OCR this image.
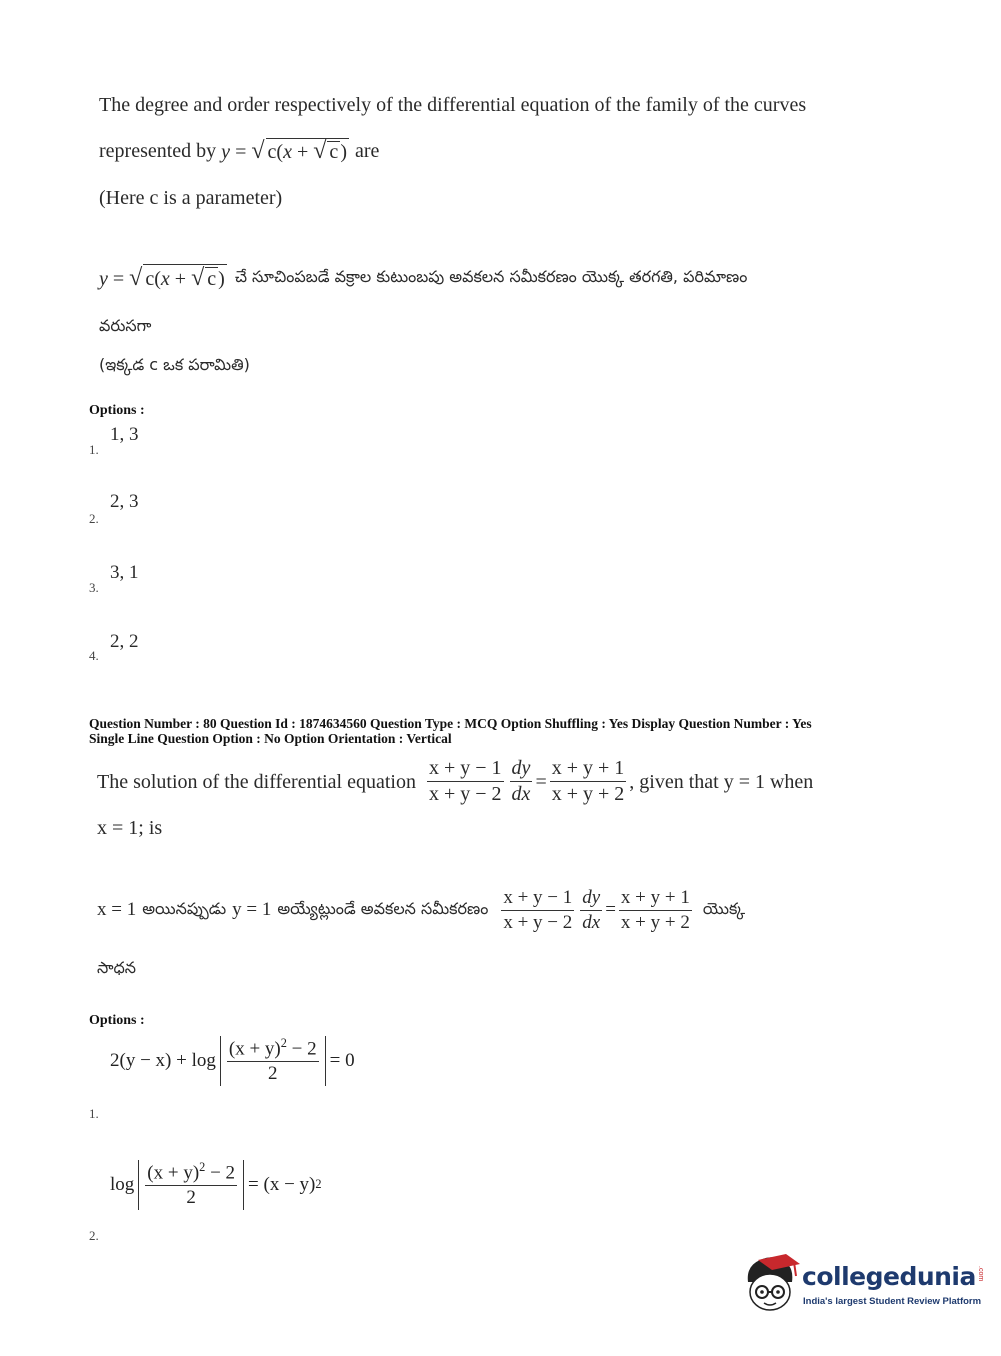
The degree and order respectively of the differential equation of the family of the curves
represented by y = √ c(x + √ c ) are
(Here c is a parameter)
y = √ c(x + √ c ) చే సూచింపబడే వక్రాల కుటుంబపు అవకలన సమీకరణం యొక్క తరగతి, పరిమాణం
వరుసగా
(ఇక్కడ c ఒక పరామితి)
Options :
1, 3
1.
2, 3
2.
3, 1
3.
2, 2
4.
Question Number : 80 Question Id : 1874634560 Question Type : MCQ Option Shuffling : Yes Display Question Number : Yes
Single Line Question Option : No Option Orientation : Vertical
The solution of the differential equation $\frac{x + y - 1}{x + y - 2} \frac{dy}{dx} = \frac{x + y + 1}{x + y + 2}$ , given that y = 1 when
x = 1; is
x = 1 అయినప్పుడు y = 1 అయ్యేట్లుండే అవకలన సమీకరణం $\frac{x + y - 1}{x + y - 2} \frac{dy}{dx} = \frac{x + y + 1}{x + y + 2}$ యొక్క
సాధన
Options :
$2(y - x) + \log \frac{(x + y)^2 - 2}{2} = 0$
1.
$\log \frac{(x + y)^2 - 2}{2} = (x - y)$ 2
2.
collegedunia .com
India's largest Student Review Platform
